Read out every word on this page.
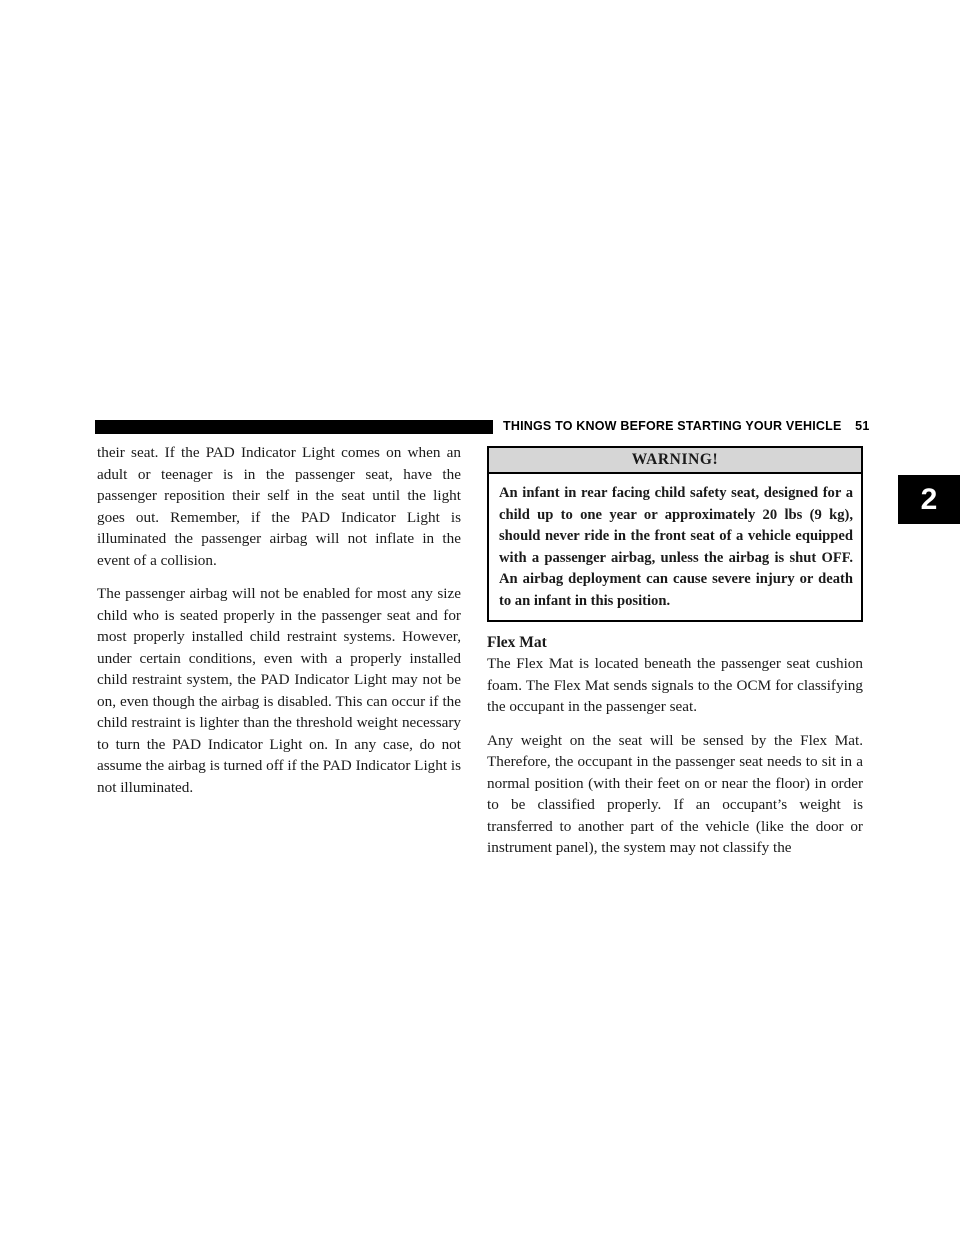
THINGS TO KNOW BEFORE STARTING YOUR VEHICLE 51
2

their seat. If the PAD Indicator Light comes on when an adult or teenager is in the passenger seat, have the passenger reposition their self in the seat until the light goes out. Remember, if the PAD Indicator Light is illuminated the passenger airbag will not inflate in the event of a collision.

The passenger airbag will not be enabled for most any size child who is seated properly in the passenger seat and for most properly installed child restraint systems. However, under certain conditions, even with a properly installed child restraint system, the PAD Indicator Light may not be on, even though the airbag is disabled. This can occur if the child restraint is lighter than the threshold weight necessary to turn the PAD Indicator Light on. In any case, do not assume the airbag is turned off if the PAD Indicator Light is not illuminated.

WARNING!
An infant in rear facing child safety seat, designed for a child up to one year or approximately 20 lbs (9 kg), should never ride in the front seat of a vehicle equipped with a passenger airbag, unless the airbag is shut OFF. An airbag deployment can cause severe injury or death to an infant in this position.
Flex Mat

The Flex Mat is located beneath the passenger seat cushion foam. The Flex Mat sends signals to the OCM for classifying the occupant in the passenger seat.

Any weight on the seat will be sensed by the Flex Mat. Therefore, the occupant in the passenger seat needs to sit in a normal position (with their feet on or near the floor) in order to be classified properly. If an occupant’s weight is transferred to another part of the vehicle (like the door or instrument panel), the system may not classify the
